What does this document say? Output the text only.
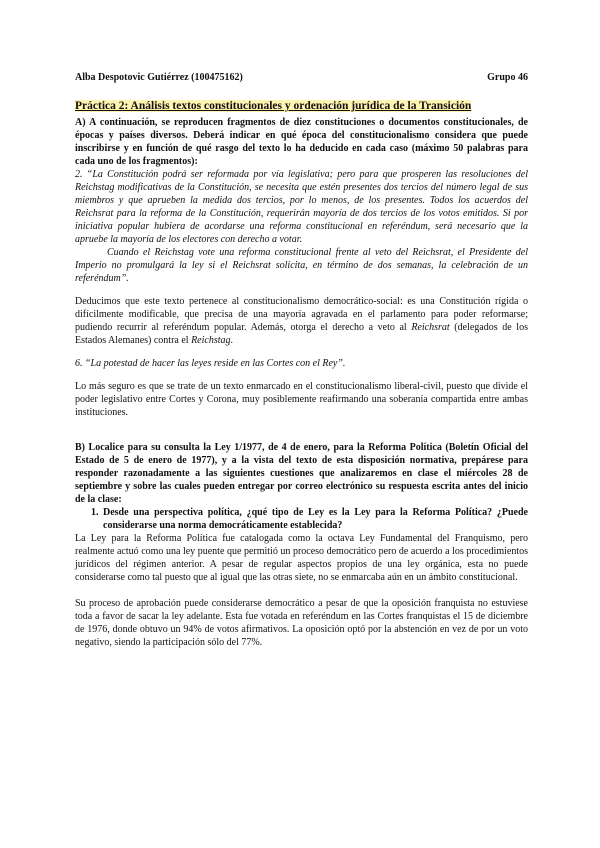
Alba Despotovic Gutiérrez (100475162)	Grupo 46
Práctica 2: Análisis textos constitucionales y ordenación jurídica de la Transición

A) A continuación, se reproducen fragmentos de diez constituciones o documentos constitucionales, de épocas y países diversos. Deberá indicar en qué época del constitucionalismo considera que puede inscribirse y en función de qué rasgo del texto lo ha deducido en cada caso (máximo 50 palabras para cada uno de los fragmentos):

2. “La Constitución podrá ser reformada por vía legislativa; pero para que prosperen las resoluciones del Reichstag modificativas de la Constitución, se necesita que estén presentes dos tercios del número legal de sus miembros y que aprueben la medida dos tercios, por lo menos, de los presentes. Todos los acuerdos del Reichsrat para la reforma de la Constitución, requerirán mayoría de dos tercios de los votos emitidos. Si por iniciativa popular hubiera de acordarse una reforma constitucional en referéndum, será necesario que la apruebe la mayoría de los electores con derecho a votar.

Cuando el Reichstag vote una reforma constitucional frente al veto del Reichsrat, el Presidente del Imperio no promulgará la ley si el Reichsrat solicita, en término de dos semanas, la celebración de un referéndum”.

Deducimos que este texto pertenece al constitucionalismo democrático-social: es una Constitución rígida o difícilmente modificable, que precisa de una mayoría agravada en el parlamento para poder reformarse; pudiendo recurrir al referéndum popular. Además, otorga el derecho a veto al Reichsrat (delegados de los Estados Alemanes) contra el Reichstag.

6. “La potestad de hacer las leyes reside en las Cortes con el Rey”.

Lo más seguro es que se trate de un texto enmarcado en el constitucionalismo liberal-civil, puesto que divide el poder legislativo entre Cortes y Corona, muy posiblemente reafirmando una soberanía compartida entre ambas instituciones.

B) Localice para su consulta la Ley 1/1977, de 4 de enero, para la Reforma Política (Boletín Oficial del Estado de 5 de enero de 1977), y a la vista del texto de esta disposición normativa, prepárese para responder razonadamente a las siguientes cuestiones que analizaremos en clase el miércoles 28 de septiembre y sobre las cuales pueden entregar por correo electrónico su respuesta escrita antes del inicio de la clase:

1. Desde una perspectiva política, ¿qué tipo de Ley es la Ley para la Reforma Política? ¿Puede considerarse una norma democráticamente establecida?

La Ley para la Reforma Política fue catalogada como la octava Ley Fundamental del Franquismo, pero realmente actuó como una ley puente que permitió un proceso democrático pero de acuerdo a los procedimientos jurídicos del régimen anterior. A pesar de regular aspectos propios de una ley orgánica, esta no puede considerarse como tal puesto que al igual que las otras siete, no se enmarcaba aún en un ámbito constitucional.

Su proceso de aprobación puede considerarse democrático a pesar de que la oposición franquista no estuviese toda a favor de sacar la ley adelante. Esta fue votada en referéndum en las Cortes franquistas el 15 de diciembre de 1976, donde obtuvo un 94% de votos afirmativos. La oposición optó por la abstención en vez de por un voto negativo, siendo la participación sólo del 77%.
